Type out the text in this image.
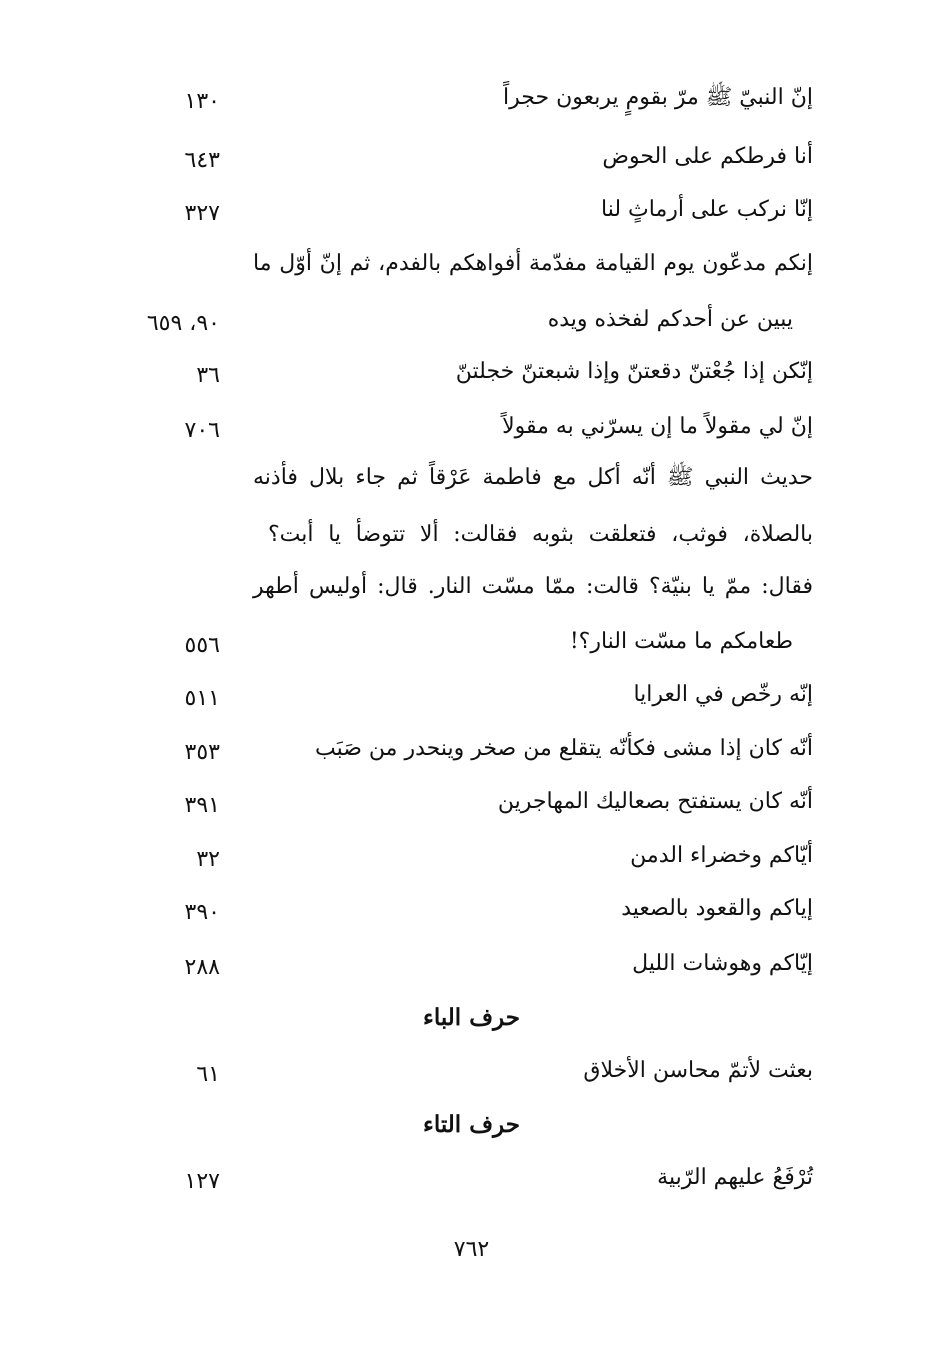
إنّ النبيّ ﷺ مرّ بقومٍ يربعون حجراً
١٣٠
أنا فرطكم على الحوض
٦٤٣
إنّا نركب على أرماثٍ لنا
٣٢٧
إنكم مدعّون يوم القيامة مفدّمة أفواهكم بالفدم، ثم إنّ أوّل ما
يبين عن أحدكم لفخذه ويده
٩٠، ٦٥٩
إنّكن إذا جُعْتنّ دقعتنّ وإذا شبعتنّ خجلتنّ
٣٦
إنّ لي مقولاً ما إن يسرّني به مقولاً
٧٠٦
حديث النبي ﷺ أنّه أكل مع فاطمة عَرْقاً ثم جاء بلال فأذنه
بالصلاة، فوثب، فتعلقت بثوبه فقالت: ألا تتوضأ يا أبت؟
فقال: ممّ يا بنيّة؟ قالت: ممّا مسّت النار. قال: أوليس أطهر
طعامكم ما مسّت النار؟!
٥٥٦
إنّه رخّص في العرايا
٥١١
أنّه كان إذا مشى فكأنّه يتقلع من صخر وينحدر من صَبَب
٣٥٣
أنّه كان يستفتح بصعاليك المهاجرين
٣٩١
أيّاكم وخضراء الدمن
٣٢
إياكم والقعود بالصعيد
٣٩٠
إيّاكم وهوشات الليل
٢٨٨
حرف الباء
بعثت لأتمّ محاسن الأخلاق
٦١
حرف التاء
تُرْفَعُ عليهم الرّبية
١٢٧
٧٦٢
